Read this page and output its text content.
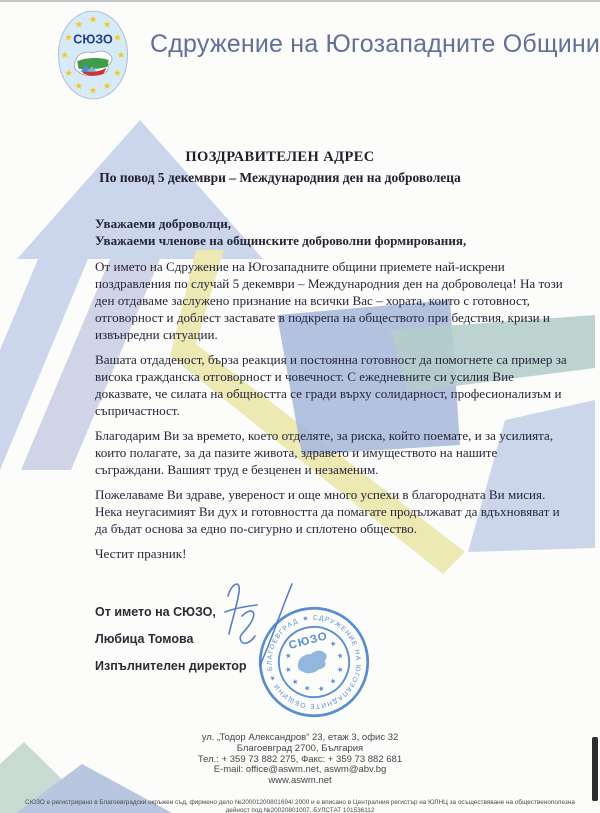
★ ★
★
★
★
★
★
★
★
★
★
★
СЮЗО Сдружение на Югозападните Общини
ПОЗДРАВИТЕЛЕН АДРЕС
По повод 5 декември – Международния ден на доброволеца
Уважаеми доброволци,
Уважаеми членове на общинските доброволни формирования,

От името на Сдружение на Югозападните общини приемете най-искрени поздравления по случай 5 декември – Международния ден на доброволеца! На този ден отдаваме заслужено признание на всички Вас – хората, които с готовност, отговорност и доблест заставате в подкрепа на обществото при бедствия, кризи и извънредни ситуации.

Вашата отдаденост, бърза реакция и постоянна готовност да помогнете са пример за висока гражданска отговорност и човечност. С ежедневните си усилия Вие доказвате, че силата на общността се гради върху солидарност, професионализъм и съпричастност.

Благодарим Ви за времето, което отделяте, за риска, който поемате, и за усилията, които полагате, за да пазите живота, здравето и имуществото на нашите съграждани. Вашият труд е безценен и незаменим.

Пожелаваме Ви здраве, увереност и още много успехи в благородната Ви мисия. Нека неугасимият Ви дух и готовността да помагате продължават да вдъхновяват и да бъдат основа за едно по-сигурно и сплотено общество.

Честит празник!

От името на СЮЗО,
Любица Томова
Изпълнителен директор
★ СДРУЖЕНИЕ НА ЮГОЗАПАДНИТЕ ОБЩИНИ ★ БЛАГОЕВГРАД
СЮЗО ★
★
★
★
★
★
★
★
★
ул. „Тодор Александров“ 23, етаж 3, офис 32
Благоевград 2700, България
Тел.: + 359 73 882 275, Факс: + 359 73 882 681
E-mail: office@aswm.net, aswm@abv.bg
www.aswm.net
СЮЗО е регистрирано в Благоевградски окръжен съд, фирмено дело №20001200801694/ 2000 и е вписано в Централния регистър на ЮЛНЦ за осъществяване на общественополезна
дейност под №20020801007, БУЛСТАТ 101536112
